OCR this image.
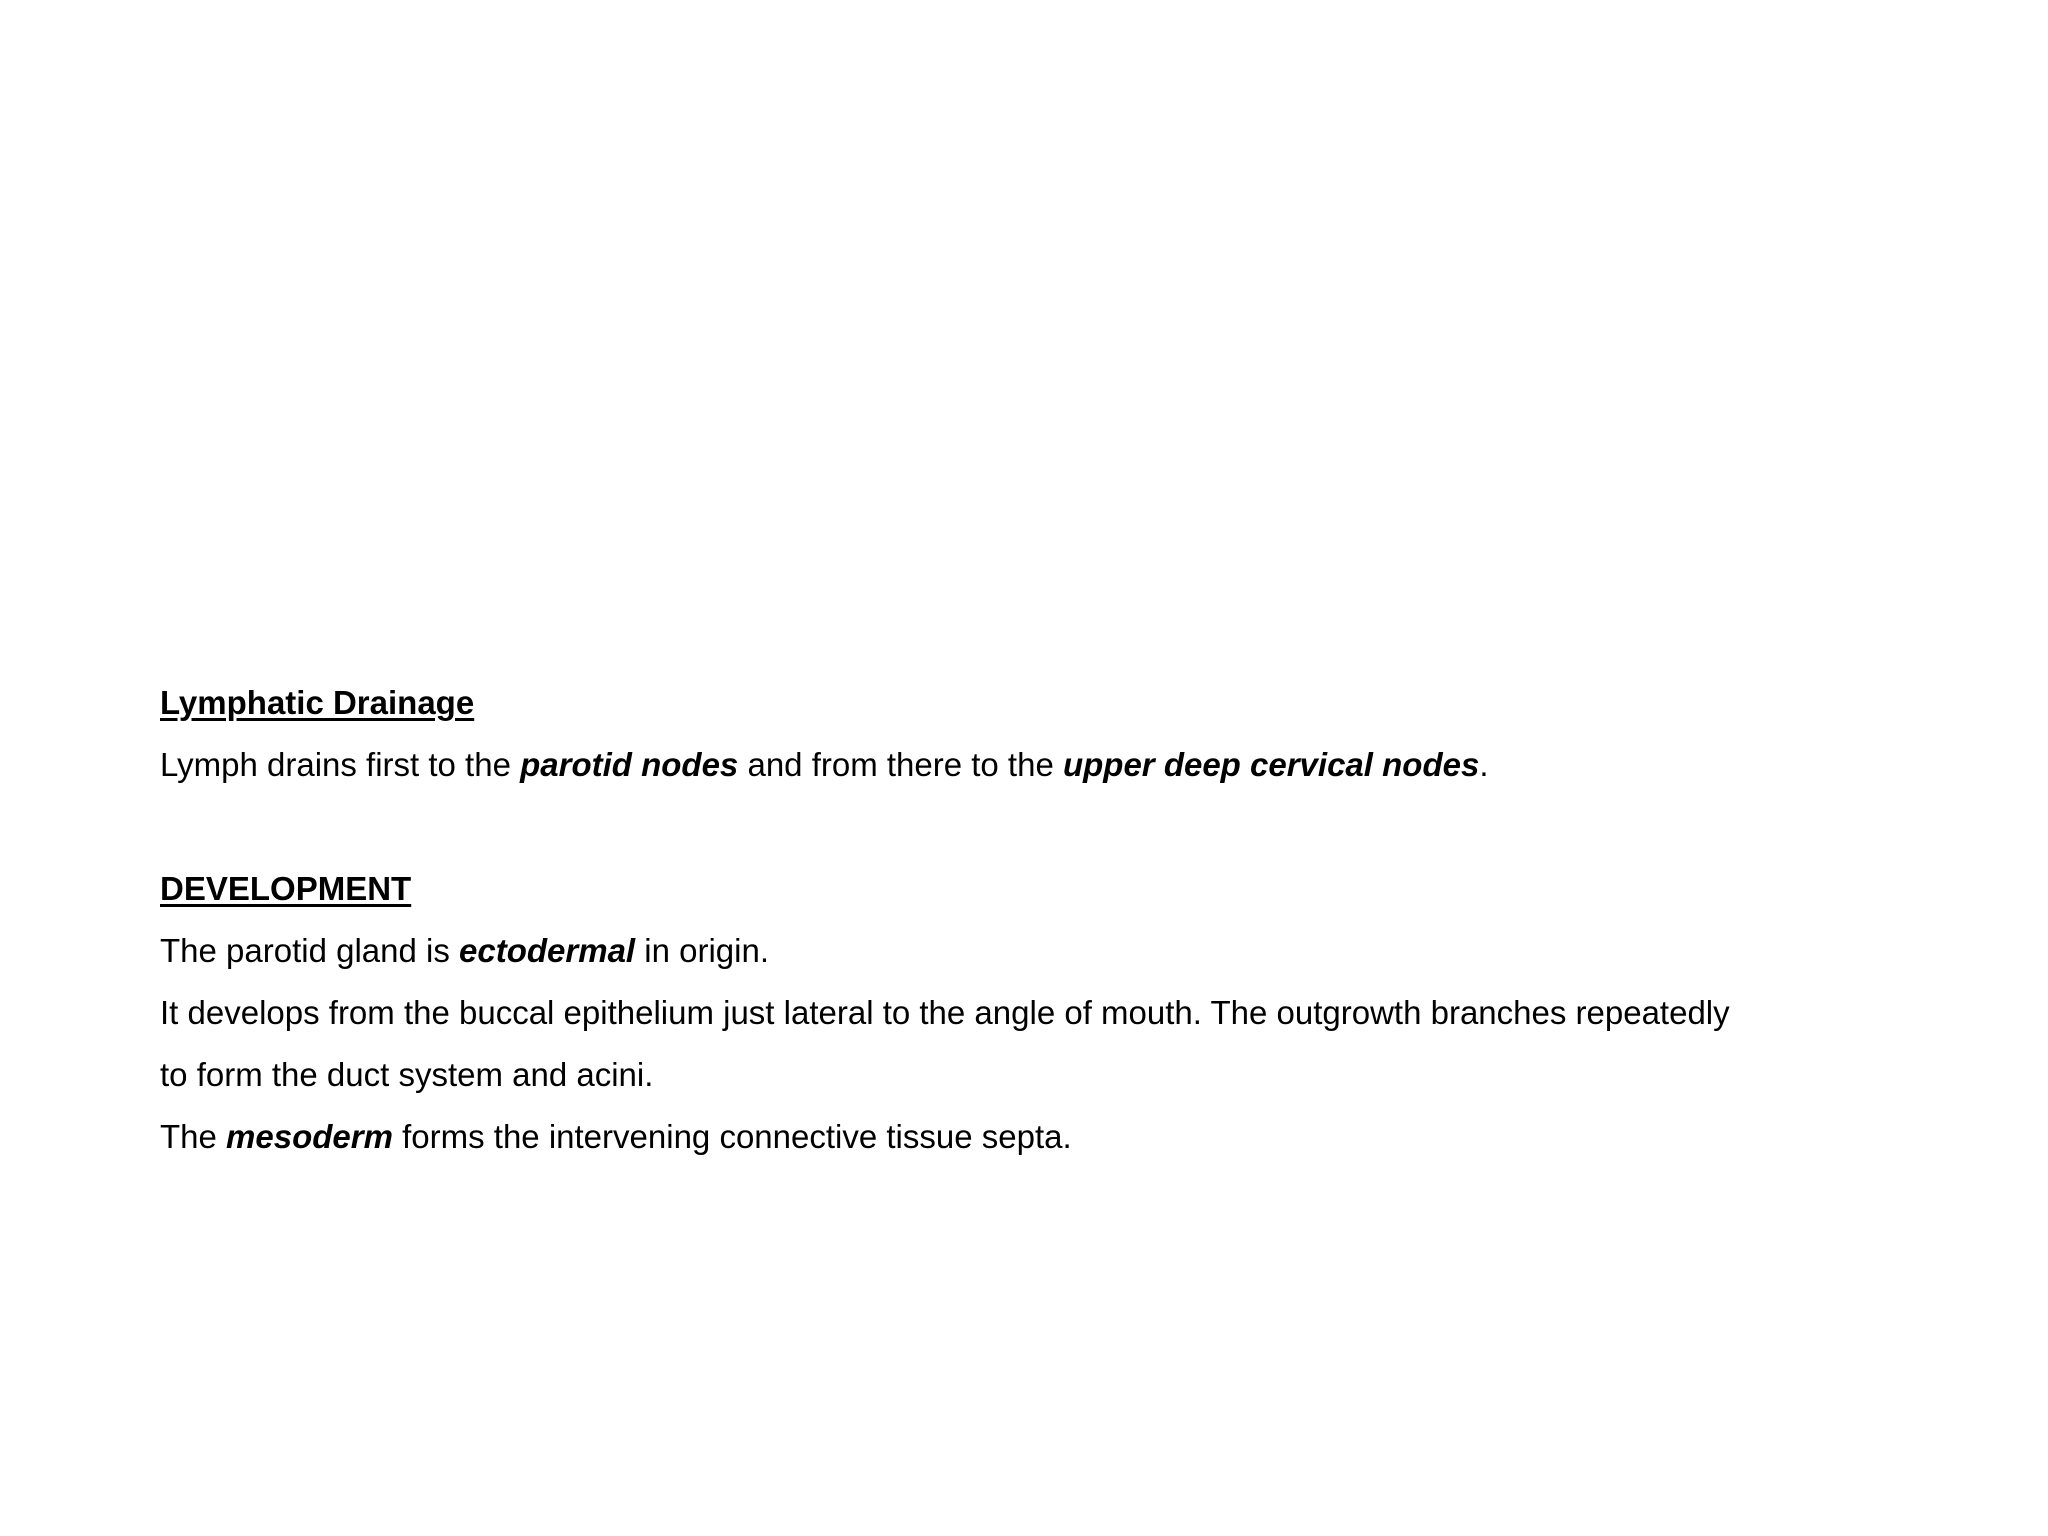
Lymphatic Drainage

Lymph drains first to the parotid nodes and from there to the upper deep cervical nodes.

DEVELOPMENT

The parotid gland is ectodermal in origin.

It develops from the buccal epithelium just lateral to the angle of mouth. The outgrowth branches repeatedly

to form the duct system and acini.

The mesoderm forms the intervening connective tissue septa.
